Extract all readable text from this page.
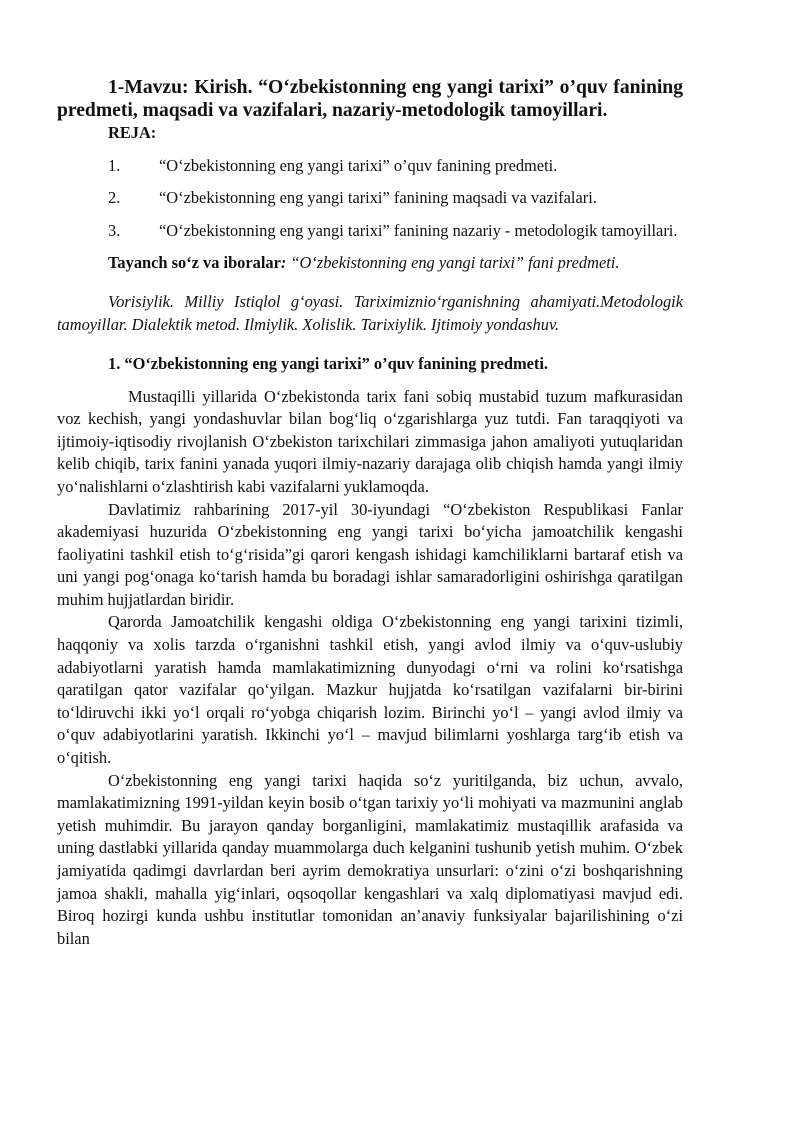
1-Mavzu: Kirish. “O‘zbekistonning eng yangi tarixi” o’quv fanining predmeti, maqsadi va vazifalari, nazariy-metodologik tamoyillari.

REJA:

1. “O‘zbekistonning eng yangi tarixi” o’quv fanining predmeti.

2. “O‘zbekistonning eng yangi tarixi” fanining maqsadi va vazifalari.

3. “O‘zbekistonning eng yangi tarixi” fanining nazariy - metodologik tamoyillari.

Tayanch so‘z va iboralar: “O‘zbekistonning eng yangi tarixi” fani predmeti.

Vorisiylik. Milliy Istiqlol g‘oyasi. Tariximiznio‘rganishning ahamiyati.Metodologik tamoyillar. Dialektik metod. Ilmiylik. Xolislik. Tarixiylik. Ijtimoiy yondashuv.

1. “O‘zbekistonning eng yangi tarixi” o’quv fanining predmeti.

Mustaqilli yillarida O‘zbekistonda tarix fani sobiq mustabid tuzum mafkurasidan voz kechish, yangi yondashuvlar bilan bog‘liq o‘zgarishlarga yuz tutdi. Fan taraqqiyoti va ijtimoiy-iqtisodiy rivojlanish O‘zbekiston tarixchilari zimmasiga jahon amaliyoti yutuqlaridan kelib chiqib, tarix fanini yanada yuqori ilmiy-nazariy darajaga olib chiqish hamda yangi ilmiy yo‘nalishlarni o‘zlashtirish kabi vazifalarni yuklamoqda.

Davlatimiz rahbarining 2017-yil 30-iyundagi “O‘zbekiston Respublikasi Fanlar akademiyasi huzurida O‘zbekistonning eng yangi tarixi bo‘yicha jamoatchilik kengashi faoliyatini tashkil etish to‘g‘risida”gi qarori kengash ishidagi kamchiliklarni bartaraf etish va uni yangi pog‘onaga ko‘tarish hamda bu boradagi ishlar samaradorligini oshirishga qaratilgan muhim hujjatlardan biridir.

Qarorda Jamoatchilik kengashi oldiga O‘zbekistonning eng yangi tarixini tizimli, haqqoniy va xolis tarzda o‘rganishni tashkil etish, yangi avlod ilmiy va o‘quv-uslubiy adabiyotlarni yaratish hamda mamlakatimizning dunyodagi o‘rni va rolini ko‘rsatishga qaratilgan qator vazifalar qo‘yilgan. Mazkur hujjatda ko‘rsatilgan vazifalarni bir-birini to‘ldiruvchi ikki yo‘l orqali ro‘yobga chiqarish lozim. Birinchi yo‘l – yangi avlod ilmiy va o‘quv adabiyotlarini yaratish. Ikkinchi yo‘l – mavjud bilimlarni yoshlarga targ‘ib etish va o‘qitish.

O‘zbekistonning eng yangi tarixi haqida so‘z yuritilganda, biz uchun, avvalo, mamlakatimizning 1991-yildan keyin bosib o‘tgan tarixiy yo‘li mohiyati va mazmunini anglab yetish muhimdir. Bu jarayon qanday borganligini, mamlakatimiz mustaqillik arafasida va uning dastlabki yillarida qanday muammolarga duch kelganini tushunib yetish muhim. O‘zbek jamiyatida qadimgi davrlardan beri ayrim demokratiya unsurlari: o‘zini o‘zi boshqarishning jamoa shakli, mahalla yig‘inlari, oqsoqollar kengashlari va xalq diplomatiyasi mavjud edi. Biroq hozirgi kunda ushbu institutlar tomonidan an’anaviy funksiyalar bajarilishining o‘zi bilan
